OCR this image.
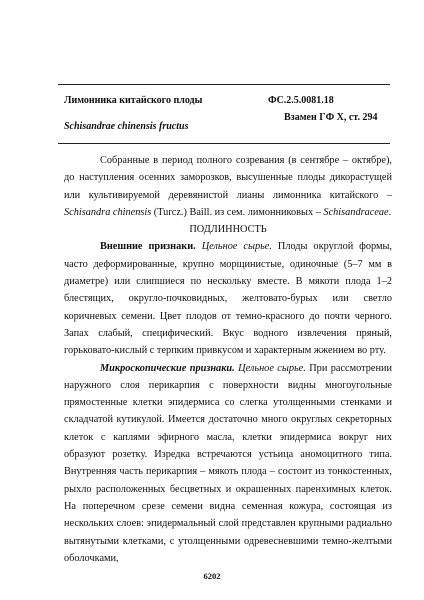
Лимонника китайского плоды
Schisandrae chinensis fructus
ФС.2.5.0081.18
Взамен ГФ X, ст. 294

Собранные в период полного созревания (в сентябре – октябре), до наступления осенних заморозков, высушенные плоды дикорастущей или культивируемой деревянистой лианы лимонника китайского – Schisandra chinensis (Turcz.) Baill. из сем. лимонниковых – Schisandraceae.

ПОДЛИННОСТЬ

Внешние признаки. Цельное сырье. Плоды округлой формы, часто деформированные, крупно морщинистые, одиночные (5–7 мм в диаметре) или слипшиеся по нескольку вместе. В мякоти плода 1–2 блестящих, округло-почковидных, желтовато-бурых или светло коричневых семени. Цвет плодов от темно-красного до почти черного. Запах слабый, специфический. Вкус водного извлечения пряный, горьковато-кислый с терпким привкусом и характерным жжением во рту.

Микроскопические признаки. Цельное сырье. При рассмотрении наружного слоя перикарпия с поверхности видны многоугольные прямостенные клетки эпидермиса со слегка утолщенными стенками и складчатой кутикулой. Имеется достаточно много округлых секреторных клеток с каплями эфирного масла, клетки эпидермиса вокруг них образуют розетку. Изредка встречаются устьица аномоцитного типа. Внутренняя часть перикарпия – мякоть плода – состоит из тонкостенных, рыхло расположенных бесцветных и окрашенных паренхимных клеток. На поперечном срезе семени видна семенная кожура, состоящая из нескольких слоев: эпидермальный слой представлен крупными радиально вытянутыми клетками, с утолщенными одревесневшими темно-желтыми оболочками,

6202
